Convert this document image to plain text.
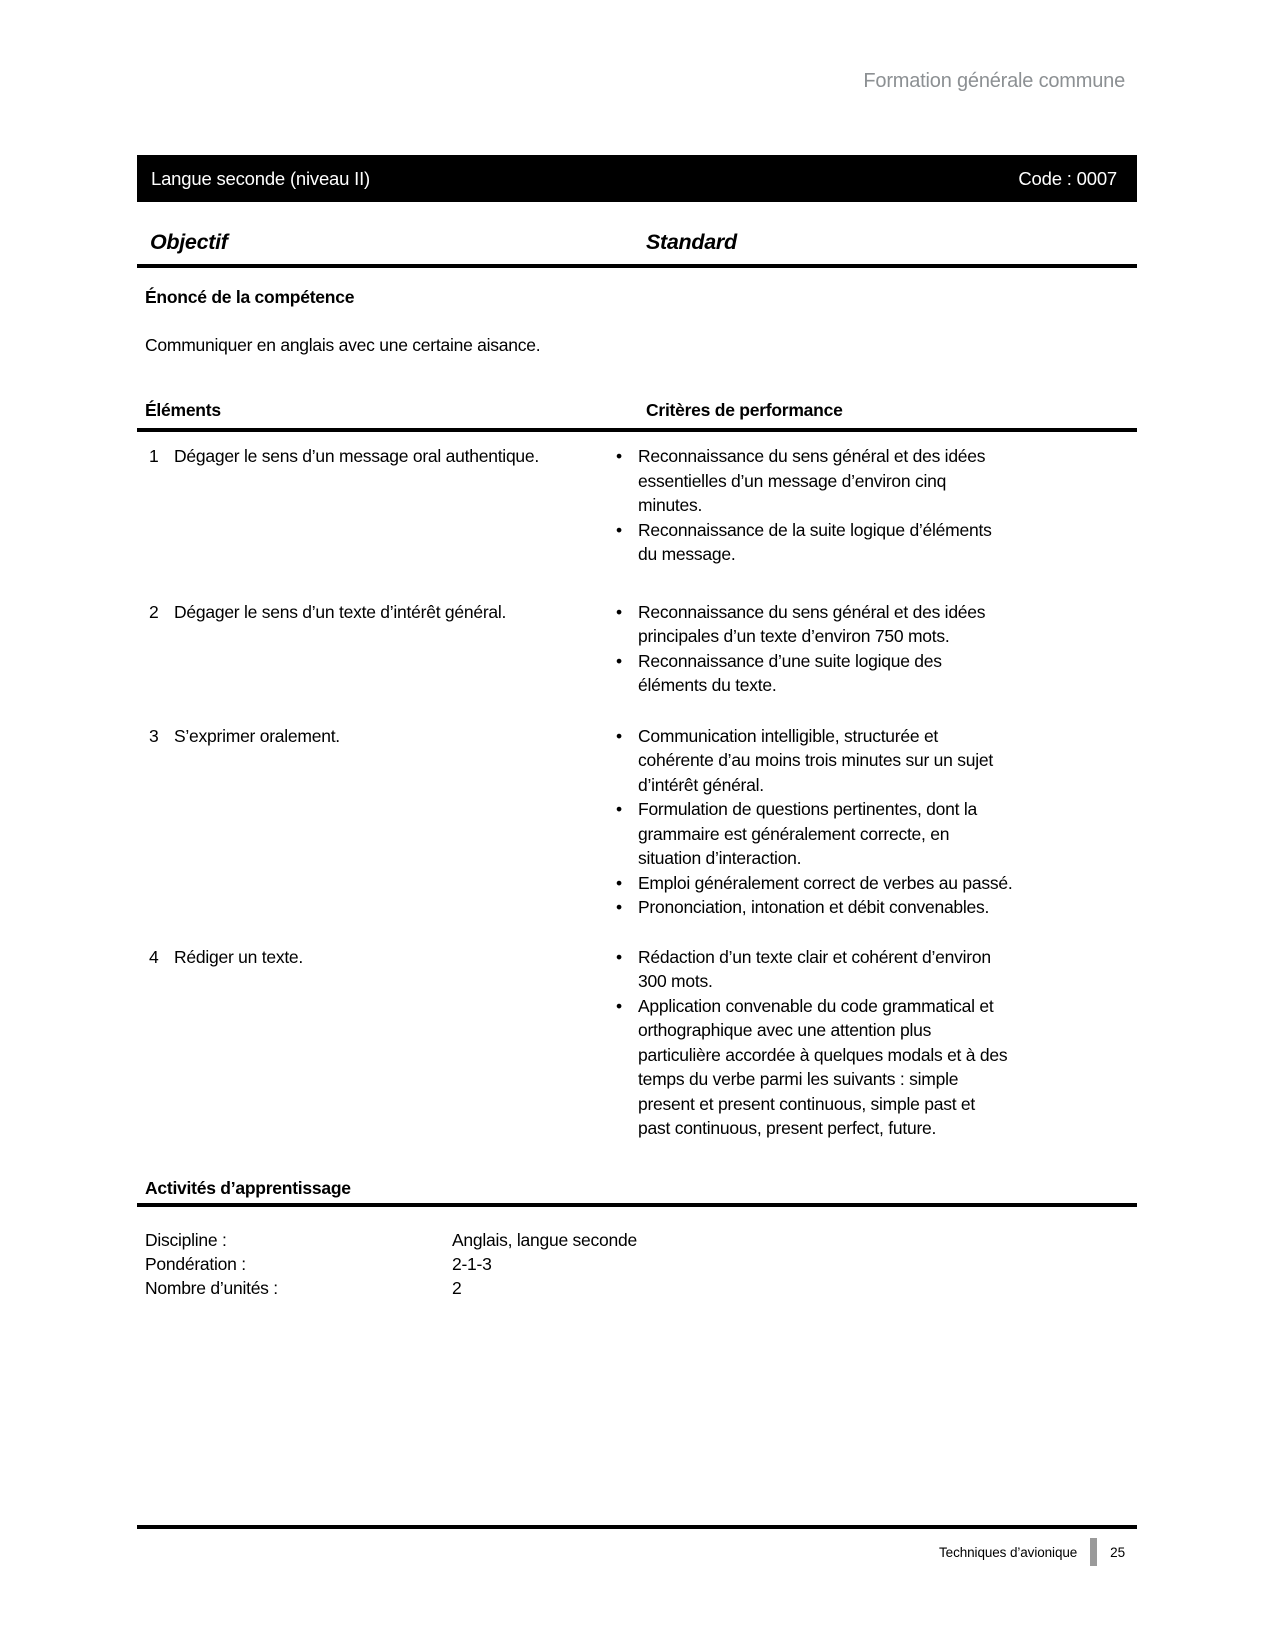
Formation générale commune
Langue seconde (niveau II)	Code : 0007
Objectif	Standard
Énoncé de la compétence
Communiquer en anglais avec une certaine aisance.
Éléments	Critères de performance
1 Dégager le sens d’un message oral authentique.	• Reconnaissance du sens général et des idées
essentielles d’un message d’environ cinq
minutes.
• Reconnaissance de la suite logique d’éléments
du message.
2 Dégager le sens d’un texte d’intérêt général.	• Reconnaissance du sens général et des idées
principales d’un texte d’environ 750 mots.
• Reconnaissance d’une suite logique des
éléments du texte.
3 S’exprimer oralement.	• Communication intelligible, structurée et
cohérente d’au moins trois minutes sur un sujet
d’intérêt général.
• Formulation de questions pertinentes, dont la
grammaire est généralement correcte, en
situation d’interaction.
• Emploi généralement correct de verbes au passé.
• Prononciation, intonation et débit convenables.
4 Rédiger un texte.	• Rédaction d’un texte clair et cohérent d’environ
300 mots.
• Application convenable du code grammatical et
orthographique avec une attention plus
particulière accordée à quelques modals et à des
temps du verbe parmi les suivants : simple
present et present continuous, simple past et
past continuous, present perfect, future.
Activités d’apprentissage
Discipline :	Anglais, langue seconde
Pondération :	2-1-3
Nombre d’unités :	2
Techniques d’avionique 25
